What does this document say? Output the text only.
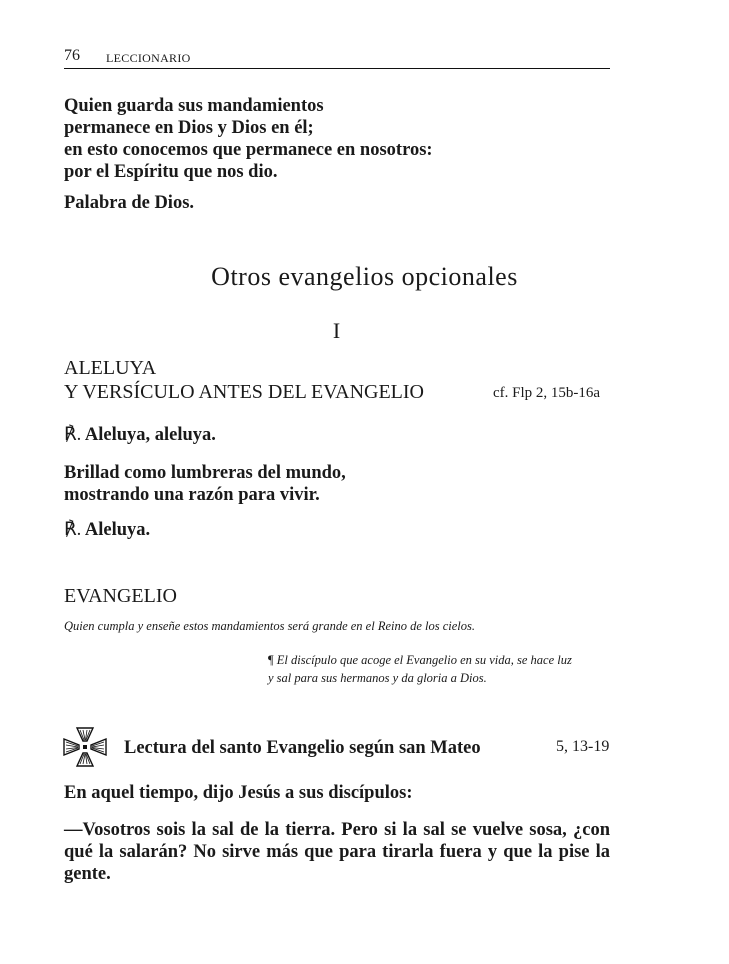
76 LECCIONARIO
Quien guarda sus mandamientos
permanece en Dios y Dios en él;
en esto conocemos que permanece en nosotros:
por el Espíritu que nos dio.
Palabra de Dios.
Otros evangelios opcionales
I
ALELUYA
Y VERSÍCULO ANTES DEL EVANGELIO	cf. Flp 2, 15b-16a
℟. Aleluya, aleluya.
Brillad como lumbreras del mundo,
mostrando una razón para vivir.
℟. Aleluya.
EVANGELIO
Quien cumpla y enseñe estos mandamientos será grande en el Reino de los cielos.
¶ El discípulo que acoge el Evangelio en su vida, se hace luz
y sal para sus hermanos y da gloria a Dios.
Lectura del santo Evangelio según san Mateo	5, 13-19
En aquel tiempo, dijo Jesús a sus discípulos:
—Vosotros sois la sal de la tierra. Pero si la sal se vuelve sosa, ¿con
qué la salarán? No sirve más que para tirarla fuera y que la pise la
gente.
